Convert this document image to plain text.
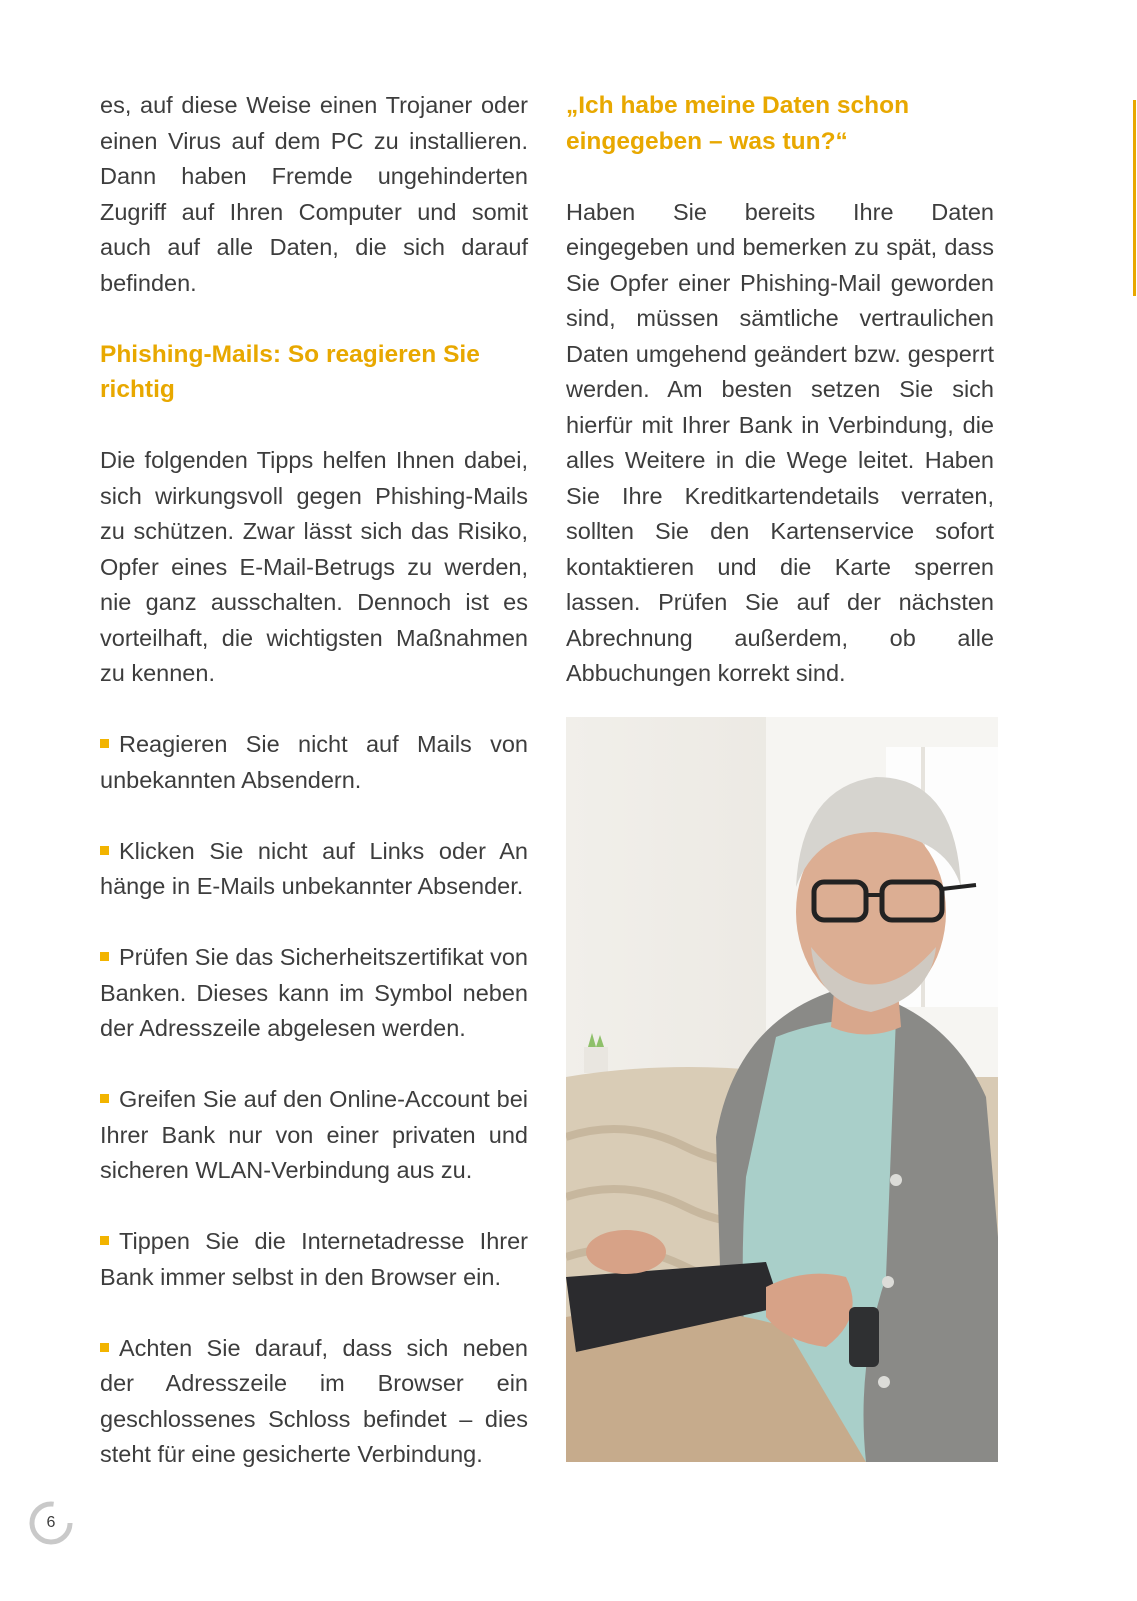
es, auf diese Weise einen Trojaner oder einen Virus auf dem PC zu installieren. Dann haben Fremde ungehinderten Zugriff auf Ihren Computer und somit auch auf alle Daten, die sich darauf befinden.

Phishing-Mails: So reagieren Sie richtig

Die folgenden Tipps helfen Ihnen dabei, sich wirkungsvoll gegen Phishing-Mails zu schützen. Zwar lässt sich das Risiko, Opfer eines E-Mail-Betrugs zu werden, nie ganz ausschalten. Dennoch ist es vorteilhaft, die wichtigsten Maßnahmen zu kennen.

Reagieren Sie nicht auf Mails von unbekannten Absendern.

Klicken Sie nicht auf Links oder An hänge in E-Mails unbekannter Absender.

Prüfen Sie das Sicherheitszertifikat von Banken. Dieses kann im Symbol neben der Adresszeile abgelesen werden.

Greifen Sie auf den Online-Account bei Ihrer Bank nur von einer privaten und sicheren WLAN-Verbindung aus zu.

Tippen Sie die Internetadresse Ihrer Bank immer selbst in den Browser ein.

Achten Sie darauf, dass sich neben der Adresszeile im Browser ein geschlossenes Schloss befindet – dies steht für eine gesicherte Verbindung.

„Ich habe meine Daten schon eingegeben – was tun?“

Haben Sie bereits Ihre Daten eingegeben und bemerken zu spät, dass Sie Opfer einer Phishing-Mail geworden sind, müssen sämtliche vertraulichen Daten umgehend geändert bzw. gesperrt werden. Am besten setzen Sie sich hierfür mit Ihrer Bank in Verbindung, die alles Weitere in die Wege leitet. Haben Sie Ihre Kreditkartendetails verraten, sollten Sie den Kartenservice sofort kontaktieren und die Karte sperren lassen. Prüfen Sie auf der nächsten Abrechnung außerdem, ob alle Abbuchungen korrekt sind.

6
